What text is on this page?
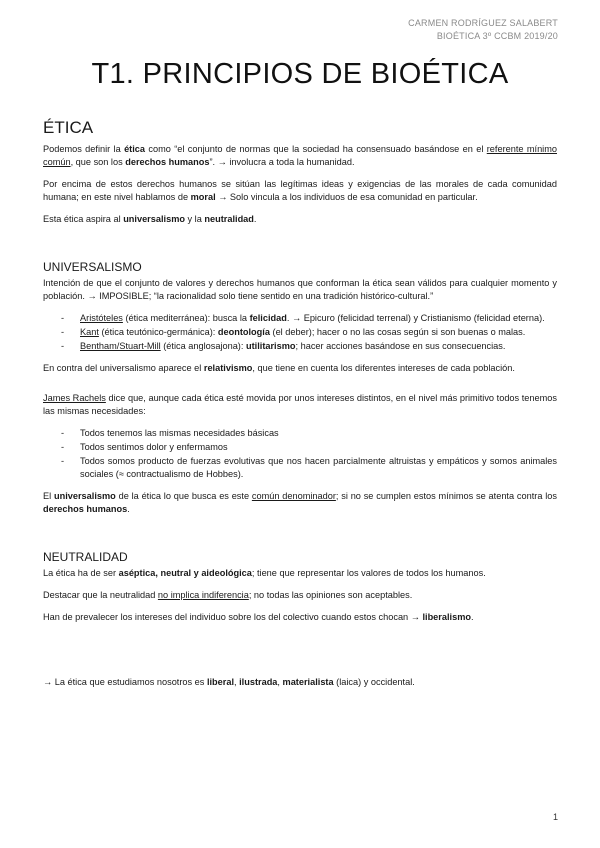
CARMEN RODRÍGUEZ SALABERT
BIOÉTICA 3º CCBM 2019/20
T1. PRINCIPIOS DE BIOÉTICA
ÉTICA

Podemos definir la ética como “el conjunto de normas que la sociedad ha consensuado basándose en el referente mínimo común, que son los derechos humanos”. → involucra a toda la humanidad.

Por encima de estos derechos humanos se sitúan las legítimas ideas y exigencias de las morales de cada comunidad humana; en este nivel hablamos de moral → Solo vincula a los individuos de esa comunidad en particular.

Esta ética aspira al universalismo y la neutralidad.

UNIVERSALISMO

Intención de que el conjunto de valores y derechos humanos que conforman la ética sean válidos para cualquier momento y población. → IMPOSIBLE; “la racionalidad solo tiene sentido en una tradición histórico-cultural.”

- Aristóteles (ética mediterránea): busca la felicidad. → Epicuro (felicidad terrenal) y Cristianismo (felicidad eterna).
- Kant (ética teutónico-germánica): deontología (el deber); hacer o no las cosas según si son buenas o malas.
- Bentham/Stuart-Mill (ética anglosajona): utilitarismo; hacer acciones basándose en sus consecuencias.

En contra del universalismo aparece el relativismo, que tiene en cuenta los diferentes intereses de cada población.

James Rachels dice que, aunque cada ética esté movida por unos intereses distintos, en el nivel más primitivo todos tenemos las mismas necesidades:

- Todos tenemos las mismas necesidades básicas
- Todos sentimos dolor y enfermamos
- Todos somos producto de fuerzas evolutivas que nos hacen parcialmente altruistas y empáticos y somos animales sociales (≈ contractualismo de Hobbes).

El universalismo de la ética lo que busca es este común denominador; si no se cumplen estos mínimos se atenta contra los derechos humanos.

NEUTRALIDAD

La ética ha de ser aséptica, neutral y aideológica; tiene que representar los valores de todos los humanos.

Destacar que la neutralidad no implica indiferencia; no todas las opiniones son aceptables.

Han de prevalecer los intereses del individuo sobre los del colectivo cuando estos chocan → liberalismo.

→ La ética que estudiamos nosotros es liberal, ilustrada, materialista (laica) y occidental.

1
